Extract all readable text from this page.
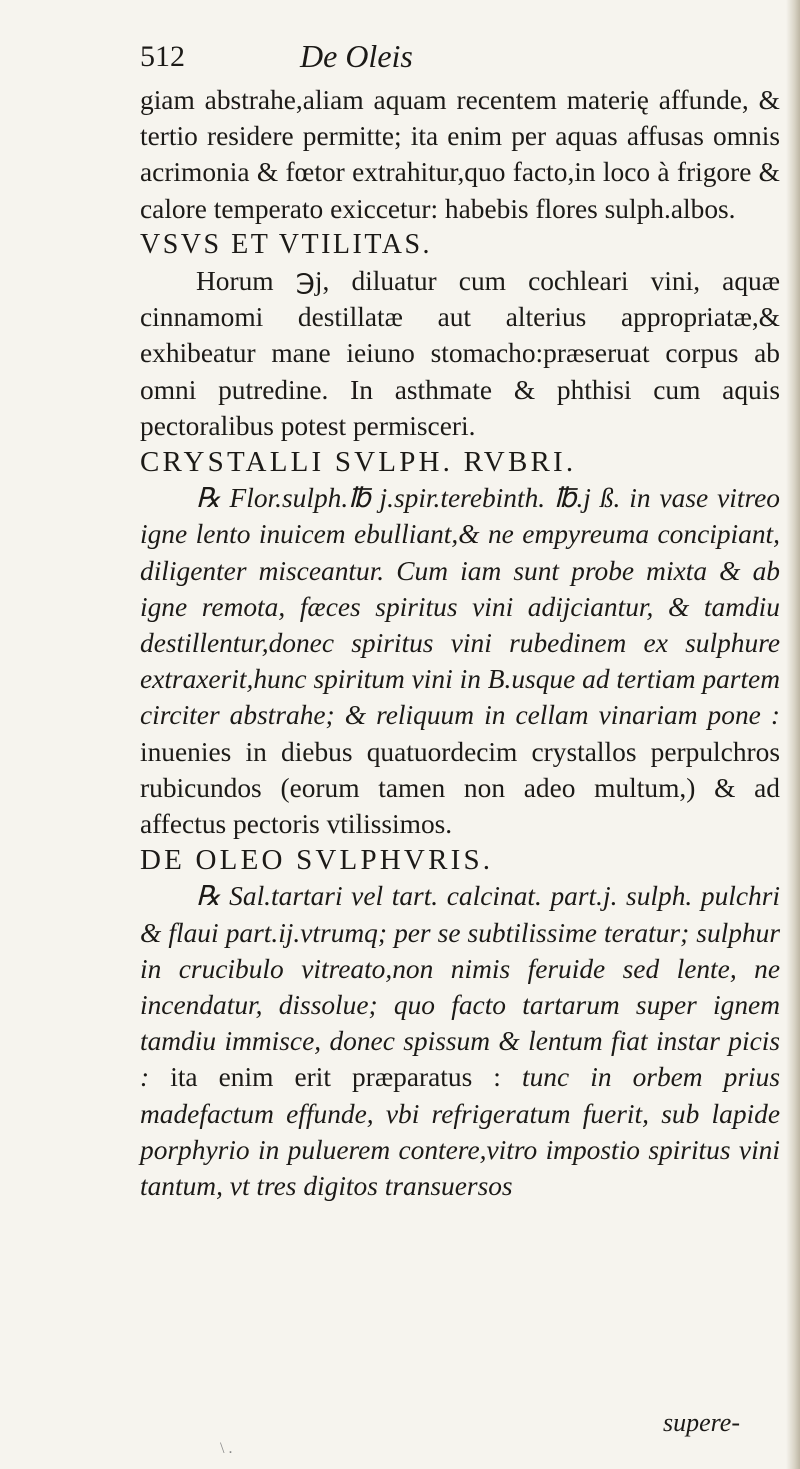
512	De Oleis

giam abstrahe,aliam aquam recentem materię affunde, & tertio residere permitte; ita enim per aquas affusas omnis acrimonia & fœtor extrahitur,quo facto,in loco à frigore & calore temperato exiccetur: habebis flores sulph.albos.

VSVS ET VTILITAS.

Horum ℈j, diluatur cum cochleari vini, aquæ cinnamomi destillatæ aut alterius appropriatæ,& exhibeatur mane ieiuno stomacho:præseruat corpus ab omni putredine. In asthmate & phthisi cum aquis pectoralibus potest permisceri.

CRYSTALLI SVLPH. RVBRI.

℞ Flor.sulph.℔ j.spir.terebinth. ℔.j ß. in vase vitreo igne lento inuicem ebulliant,& ne empyreuma concipiant, diligenter misceantur. Cum iam sunt probe mixta & ab igne remota, fæces spiritus vini adijciantur, & tamdiu destillentur,donec spiritus vini rubedinem ex sulphure extraxerit,hunc spiritum vini in B.usque ad tertiam partem circiter abstrahe; & reliquum in cellam vinariam pone : inuenies in diebus quatuordecim crystallos perpulchros rubicundos (eorum tamen non adeo multum,) & ad affectus pectoris vtilissimos.

DE OLEO SVLPHVRIS.

℞ Sal.tartari vel tart. calcinat. part.j. sulph. pulchri & flaui part.ij.vtrumq; per se subtilissime teratur; sulphur in crucibulo vitreato,non nimis feruide sed lente, ne incendatur, dissolue; quo facto tartarum super ignem tamdiu immisce, donec spissum & lentum fiat instar picis : ita enim erit præparatus : tunc in orbem prius madefactum effunde, vbi refrigeratum fuerit, sub lapide porphyrio in puluerem contere,vitro impostio spiritus vini tantum, vt tres digitos transuersos

supere-
\ .
